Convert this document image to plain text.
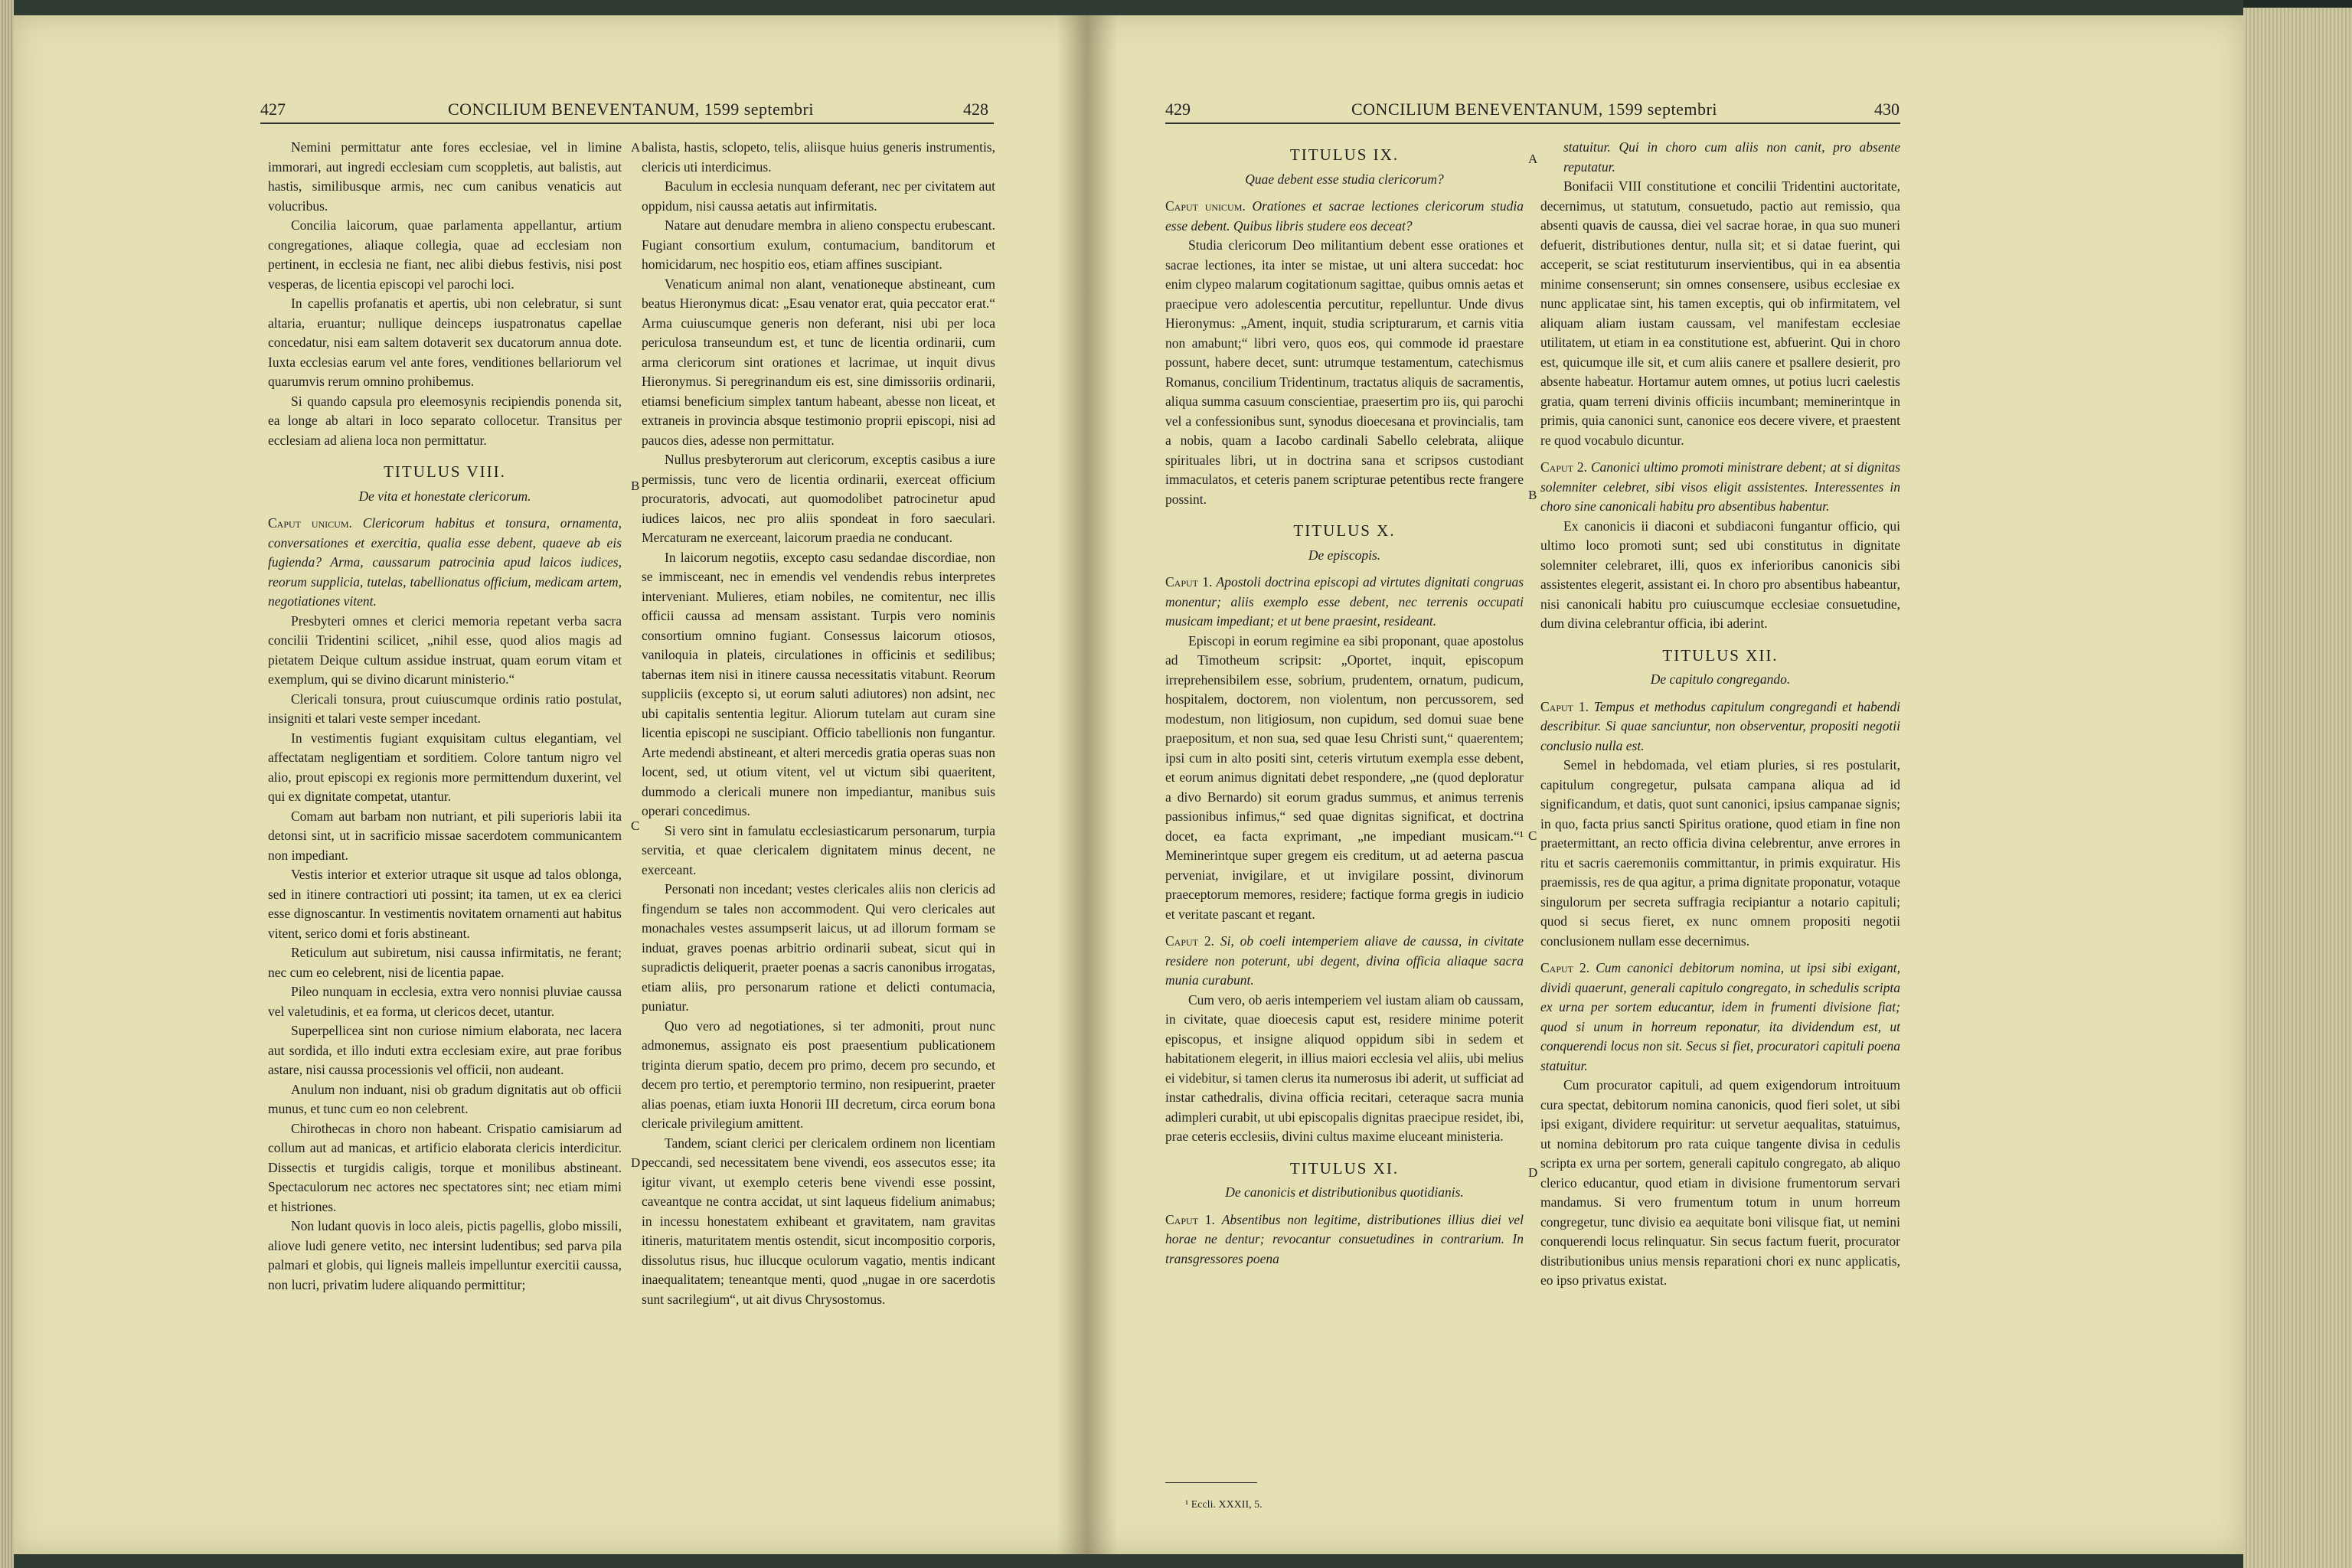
427	CONCILIUM BENEVENTANUM, 1599 septembri	428	429	CONCILIUM BENEVENTANUM, 1599 septembri	430

Nemini permittatur ante fores ecclesiae, vel in limine immorari, aut ingredi ecclesiam cum scoppletis, aut balistis, aut hastis, similibusque armis, nec cum canibus venaticis aut volucribus.

Concilia laicorum, quae parlamenta appellantur, artium congregationes, aliaque collegia, quae ad ecclesiam non pertinent, in ecclesia ne fiant, nec alibi diebus festivis, nisi post vesperas, de licentia episcopi vel parochi loci.

In capellis profanatis et apertis, ubi non celebratur, si sunt altaria, eruantur; nullique deinceps iuspatronatus capellae concedatur, nisi eam saltem dotaverit sex ducatorum annua dote. Iuxta ecclesias earum vel ante fores, venditiones bellariorum vel quarumvis rerum omnino prohibemus.

Si quando capsula pro eleemosynis recipiendis ponenda sit, ea longe ab altari in loco separato collocetur. Transitus per ecclesiam ad aliena loca non permittatur.

TITULUS VIII.

De vita et honestate clericorum.

Caput unicum. Clericorum habitus et tonsura, ornamenta, conversationes et exercitia, qualia esse debent, quaeve ab eis fugienda? Arma, caussarum patrocinia apud laicos iudices, reorum supplicia, tutelas, tabellionatus officium, medicam artem, negotiationes vitent.

Presbyteri omnes et clerici memoria repetant verba sacra concilii Tridentini scilicet, „nihil esse, quod alios magis ad pietatem Deique cultum assidue instruat, quam eorum vitam et exemplum, qui se divino dicarunt ministerio.“

Clericali tonsura, prout cuiuscumque ordinis ratio postulat, insigniti et talari veste semper incedant.

In vestimentis fugiant exquisitam cultus elegantiam, vel affectatam negligentiam et sorditiem. Colore tantum nigro vel alio, prout episcopi ex regionis more permittendum duxerint, vel qui ex dignitate competat, utantur.

Comam aut barbam non nutriant, et pili superioris labii ita detonsi sint, ut in sacrificio missae sacerdotem communicantem non impediant.

Vestis interior et exterior utraque sit usque ad talos oblonga, sed in itinere contractiori uti possint; ita tamen, ut ex ea clerici esse dignoscantur. In vestimentis novitatem ornamenti aut habitus vitent, serico domi et foris abstineant.

Reticulum aut subiretum, nisi caussa infirmitatis, ne ferant; nec cum eo celebrent, nisi de licentia papae.

Pileo nunquam in ecclesia, extra vero nonnisi pluviae caussa vel valetudinis, et ea forma, ut clericos decet, utantur.

Superpellicea sint non curiose nimium elaborata, nec lacera aut sordida, et illo induti extra ecclesiam exire, aut prae foribus astare, nisi caussa processionis vel officii, non audeant.

Anulum non induant, nisi ob gradum dignitatis aut ob officii munus, et tunc cum eo non celebrent.

Chirothecas in choro non habeant. Crispatio camisiarum ad collum aut ad manicas, et artificio elaborata clericis interdicitur. Dissectis et turgidis caligis, torque et monilibus abstineant. Spectaculorum nec actores nec spectatores sint; nec etiam mimi et histriones.

Non ludant quovis in loco aleis, pictis pagellis, globo missili, aliove ludi genere vetito, nec intersint ludentibus; sed parva pila palmari et globis, qui ligneis malleis impelluntur exercitii caussa, non lucri, privatim ludere aliquando permittitur;

A
B
C
D

balista, hastis, sclopeto, telis, aliisque huius generis instrumentis, clericis uti interdicimus.

Baculum in ecclesia nunquam deferant, nec per civitatem aut oppidum, nisi caussa aetatis aut infirmitatis.

Natare aut denudare membra in alieno conspectu erubescant. Fugiant consortium exulum, contumacium, banditorum et homicidarum, nec hospitio eos, etiam affines suscipiant.

Venaticum animal non alant, venationeque abstineant, cum beatus Hieronymus dicat: „Esau venator erat, quia peccator erat.“ Arma cuiuscumque generis non deferant, nisi ubi per loca periculosa transeundum est, et tunc de licentia ordinarii, cum arma clericorum sint orationes et lacrimae, ut inquit divus Hieronymus. Si peregrinandum eis est, sine dimissoriis ordinarii, etiamsi beneficium simplex tantum habeant, abesse non liceat, et extraneis in provincia absque testimonio proprii episcopi, nisi ad paucos dies, adesse non permittatur.

Nullus presbyterorum aut clericorum, exceptis casibus a iure permissis, tunc vero de licentia ordinarii, exerceat officium procuratoris, advocati, aut quomodolibet patrocinetur apud iudices laicos, nec pro aliis spondeat in foro saeculari. Mercaturam ne exerceant, laicorum praedia ne conducant.

In laicorum negotiis, excepto casu sedandae discordiae, non se immisceant, nec in emendis vel vendendis rebus interpretes interveniant. Mulieres, etiam nobiles, ne comitentur, nec illis officii caussa ad mensam assistant. Turpis vero nominis consortium omnino fugiant. Consessus laicorum otiosos, vaniloquia in plateis, circulationes in officinis et sedilibus; tabernas item nisi in itinere caussa necessitatis vitabunt. Reorum suppliciis (excepto si, ut eorum saluti adiutores) non adsint, nec ubi capitalis sententia legitur. Aliorum tutelam aut curam sine licentia episcopi ne suscipiant. Officio tabellionis non fungantur. Arte medendi abstineant, et alteri mercedis gratia operas suas non locent, sed, ut otium vitent, vel ut victum sibi quaeritent, dummodo a clericali munere non impediantur, manibus suis operari concedimus.

Si vero sint in famulatu ecclesiasticarum personarum, turpia servitia, et quae clericalem dignitatem minus decent, ne exerceant.

Personati non incedant; vestes clericales aliis non clericis ad fingendum se tales non accommodent. Qui vero clericales aut monachales vestes assumpserit laicus, ut ad illorum formam se induat, graves poenas arbitrio ordinarii subeat, sicut qui in supradictis deliquerit, praeter poenas a sacris canonibus irrogatas, etiam aliis, pro personarum ratione et delicti contumacia, puniatur.

Quo vero ad negotiationes, si ter admoniti, prout nunc admonemus, assignato eis post praesentium publicationem triginta dierum spatio, decem pro primo, decem pro secundo, et decem pro tertio, et peremptorio termino, non resipuerint, praeter alias poenas, etiam iuxta Honorii III decretum, circa eorum bona clericale privilegium amittent.

Tandem, sciant clerici per clericalem ordinem non licentiam peccandi, sed necessitatem bene vivendi, eos assecutos esse; ita igitur vivant, ut exemplo ceteris bene vivendi esse possint, caveantque ne contra accidat, ut sint laqueus fidelium animabus; in incessu honestatem exhibeant et gravitatem, nam gravitas itineris, maturitatem mentis ostendit, sicut incompositio corporis, dissolutus risus, huc illucque oculorum vagatio, mentis indicant inaequalitatem; teneantque menti, quod „nugae in ore sacerdotis sunt sacrilegium“, ut ait divus Chrysostomus.

TITULUS IX.

Quae debent esse studia clericorum?

Caput unicum. Orationes et sacrae lectiones clericorum studia esse debent. Quibus libris studere eos deceat?

Studia clericorum Deo militantium debent esse orationes et sacrae lectiones, ita inter se mistae, ut uni altera succedat: hoc enim clypeo malarum cogitationum sagittae, quibus omnis aetas et praecipue vero adolescentia percutitur, repelluntur. Unde divus Hieronymus: „Ament, inquit, studia scripturarum, et carnis vitia non amabunt;“ libri vero, quos eos, qui commode id praestare possunt, habere decet, sunt: utrumque testamentum, catechismus Romanus, concilium Tridentinum, tractatus aliquis de sacramentis, aliqua summa casuum conscientiae, praesertim pro iis, qui parochi vel a confessionibus sunt, synodus dioecesana et provincialis, tam a nobis, quam a Iacobo cardinali Sabello celebrata, aliique spirituales libri, ut in doctrina sana et scripsos custodiant immaculatos, et ceteris panem scripturae petentibus recte frangere possint.

TITULUS X.

De episcopis.

Caput 1. Apostoli doctrina episcopi ad virtutes dignitati congruas monentur; aliis exemplo esse debent, nec terrenis occupati musicam impediant; et ut bene praesint, resideant.

Episcopi in eorum regimine ea sibi proponant, quae apostolus ad Timotheum scripsit: „Oportet, inquit, episcopum irreprehensibilem esse, sobrium, prudentem, ornatum, pudicum, hospitalem, doctorem, non violentum, non percussorem, sed modestum, non litigiosum, non cupidum, sed domui suae bene praepositum, et non sua, sed quae Iesu Christi sunt,“ quaerentem; ipsi cum in alto positi sint, ceteris virtutum exempla esse debent, et eorum animus dignitati debet respondere, „ne (quod deploratur a divo Bernardo) sit eorum gradus summus, et animus terrenis passionibus infimus,“ sed quae dignitas significat, et doctrina docet, ea facta exprimant, „ne impediant musicam.“¹ Meminerintque super gregem eis creditum, ut ad aeterna pascua perveniat, invigilare, et ut invigilare possint, divinorum praeceptorum memores, residere; factique forma gregis in iudicio et veritate pascant et regant.

Caput 2. Si, ob coeli intemperiem aliave de caussa, in civitate residere non poterunt, ubi degent, divina officia aliaque sacra munia curabunt.

Cum vero, ob aeris intemperiem vel iustam aliam ob caussam, in civitate, quae dioecesis caput est, residere minime poterit episcopus, et insigne aliquod oppidum sibi in sedem et habitationem elegerit, in illius maiori ecclesia vel aliis, ubi melius ei videbitur, si tamen clerus ita numerosus ibi aderit, ut sufficiat ad instar cathedralis, divina officia recitari, ceteraque sacra munia adimpleri curabit, ut ubi episcopalis dignitas praecipue residet, ibi, prae ceteris ecclesiis, divini cultus maxime eluceant ministeria.

TITULUS XI.

De canonicis et distributionibus quotidianis.

Caput 1. Absentibus non legitime, distributiones illius diei vel horae ne dentur; revocantur consuetudines in contrarium. In transgressores poena

¹ Eccli. XXXII, 5.
A
B
C
D

statuitur. Qui in choro cum aliis non canit, pro absente reputatur.

Bonifacii VIII constitutione et concilii Tridentini auctoritate, decernimus, ut statutum, consuetudo, pactio aut remissio, qua absenti quavis de caussa, diei vel sacrae horae, in qua suo muneri defuerit, distributiones dentur, nulla sit; et si datae fuerint, qui acceperit, se sciat restituturum inservientibus, qui in ea absentia minime consenserunt; sin omnes consensere, usibus ecclesiae ex nunc applicatae sint, his tamen exceptis, qui ob infirmitatem, vel aliquam aliam iustam caussam, vel manifestam ecclesiae utilitatem, ut etiam in ea constitutione est, abfuerint. Qui in choro est, quicumque ille sit, et cum aliis canere et psallere desierit, pro absente habeatur. Hortamur autem omnes, ut potius lucri caelestis gratia, quam terreni divinis officiis incumbant; meminerintque in primis, quia canonici sunt, canonice eos decere vivere, et praestent re quod vocabulo dicuntur.

Caput 2. Canonici ultimo promoti ministrare debent; at si dignitas solemniter celebret, sibi visos eligit assistentes. Interessentes in choro sine canonicali habitu pro absentibus habentur.

Ex canonicis ii diaconi et subdiaconi fungantur officio, qui ultimo loco promoti sunt; sed ubi constitutus in dignitate solemniter celebraret, illi, quos ex inferioribus canonicis sibi assistentes elegerit, assistant ei. In choro pro absentibus habeantur, nisi canonicali habitu pro cuiuscumque ecclesiae consuetudine, dum divina celebrantur officia, ibi aderint.

TITULUS XII.

De capitulo congregando.

Caput 1. Tempus et methodus capitulum congregandi et habendi describitur. Si quae sanciuntur, non observentur, propositi negotii conclusio nulla est.

Semel in hebdomada, vel etiam pluries, si res postularit, capitulum congregetur, pulsata campana aliqua ad id significandum, et datis, quot sunt canonici, ipsius campanae signis; in quo, facta prius sancti Spiritus oratione, quod etiam in fine non praetermittant, an recto officia divina celebrentur, anve errores in ritu et sacris caeremoniis committantur, in primis exquiratur. His praemissis, res de qua agitur, a prima dignitate proponatur, votaque singulorum per secreta suffragia recipiantur a notario capituli; quod si secus fieret, ex nunc omnem propositi negotii conclusionem nullam esse decernimus.

Caput 2. Cum canonici debitorum nomina, ut ipsi sibi exigant, dividi quaerunt, generali capitulo congregato, in schedulis scripta ex urna per sortem educantur, idem in frumenti divisione fiat; quod si unum in horreum reponatur, ita dividendum est, ut conquerendi locus non sit. Secus si fiet, procuratori capituli poena statuitur.

Cum procurator capituli, ad quem exigendorum introituum cura spectat, debitorum nomina canonicis, quod fieri solet, ut sibi ipsi exigant, dividere requiritur: ut servetur aequalitas, statuimus, ut nomina debitorum pro rata cuique tangente divisa in cedulis scripta ex urna per sortem, generali capitulo congregato, ab aliquo clerico educantur, quod etiam in divisione frumentorum servari mandamus. Si vero frumentum totum in unum horreum congregetur, tunc divisio ea aequitate boni vilisque fiat, ut nemini conquerendi locus relinquatur. Sin secus factum fuerit, procurator distributionibus unius mensis reparationi chori ex nunc applicatis, eo ipso privatus existat.
